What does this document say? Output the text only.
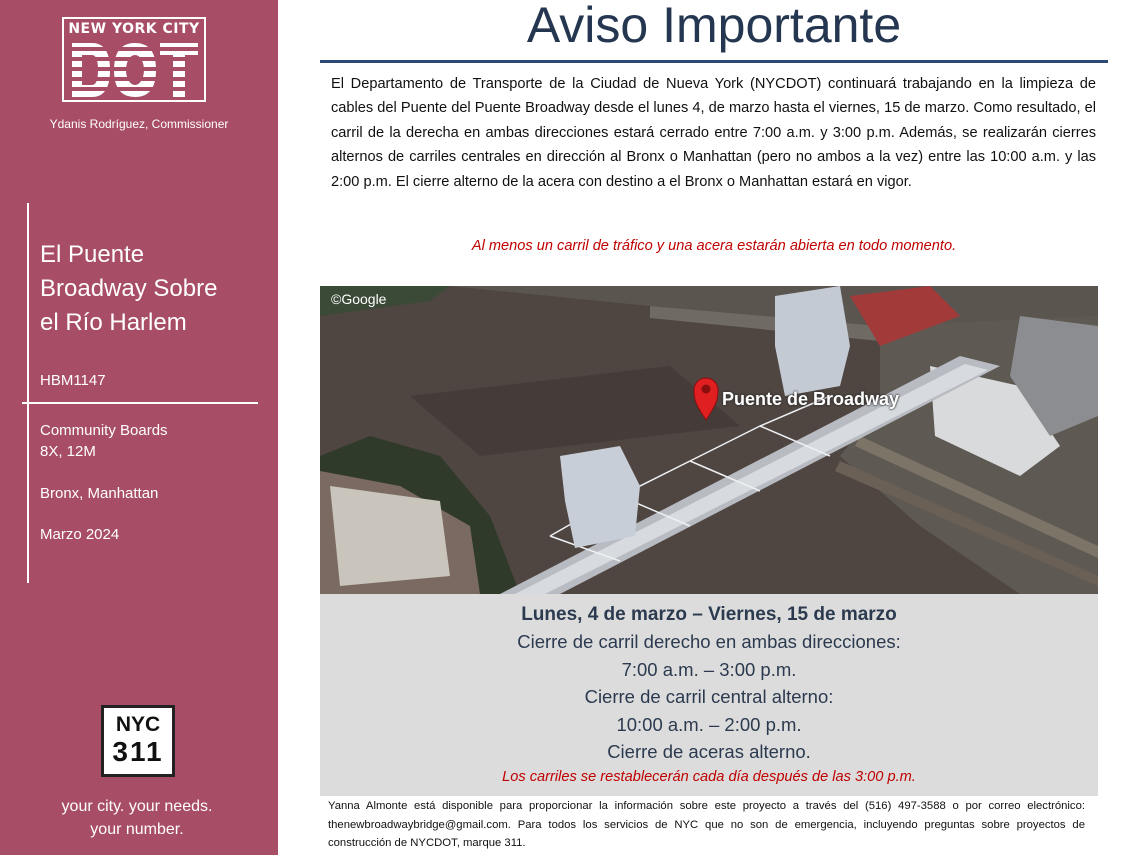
NEW YORK CITY
Ydanis Rodríguez, Commissioner
El Puente
Broadway Sobre
el Río Harlem
HBM1147
Community Boards
8X, 12M
Bronx, Manhattan
Marzo 2024
NYC
311
your city. your needs.
your number.
Aviso Importante
El Departamento de Transporte de la Ciudad de Nueva York (NYCDOT) continuará trabajando en la limpieza de cables del Puente del Puente Broadway desde el lunes 4, de marzo hasta el viernes, 15 de marzo. Como resultado, el carril de la derecha en ambas direcciones estará cerrado entre 7:00 a.m. y 3:00 p.m. Además, se realizarán cierres alternos de carriles centrales en dirección al Bronx o Manhattan (pero no ambos a la vez) entre las 10:00 a.m. y las 2:00 p.m. El cierre alterno de la acera con destino a el Bronx o Manhattan estará en vigor.
Al menos un carril de tráfico y una acera estarán abierta en todo momento.
©Google
Puente de Broadway
Lunes, 4 de marzo – Viernes, 15 de marzo
Cierre de carril derecho en ambas direcciones:
7:00 a.m. – 3:00 p.m.
Cierre de carril central alterno:
10:00 a.m. – 2:00 p.m.
Cierre de aceras alterno.
Los carriles se restablecerán cada día después de las 3:00 p.m.
Yanna Almonte está disponible para proporcionar la información sobre este proyecto a través del (516) 497-3588 o por correo electrónico: thenewbroadwaybridge@gmail.com. Para todos los servicios de NYC que no son de emergencia, incluyendo preguntas sobre proyectos de construcción de NYCDOT, marque 311.
